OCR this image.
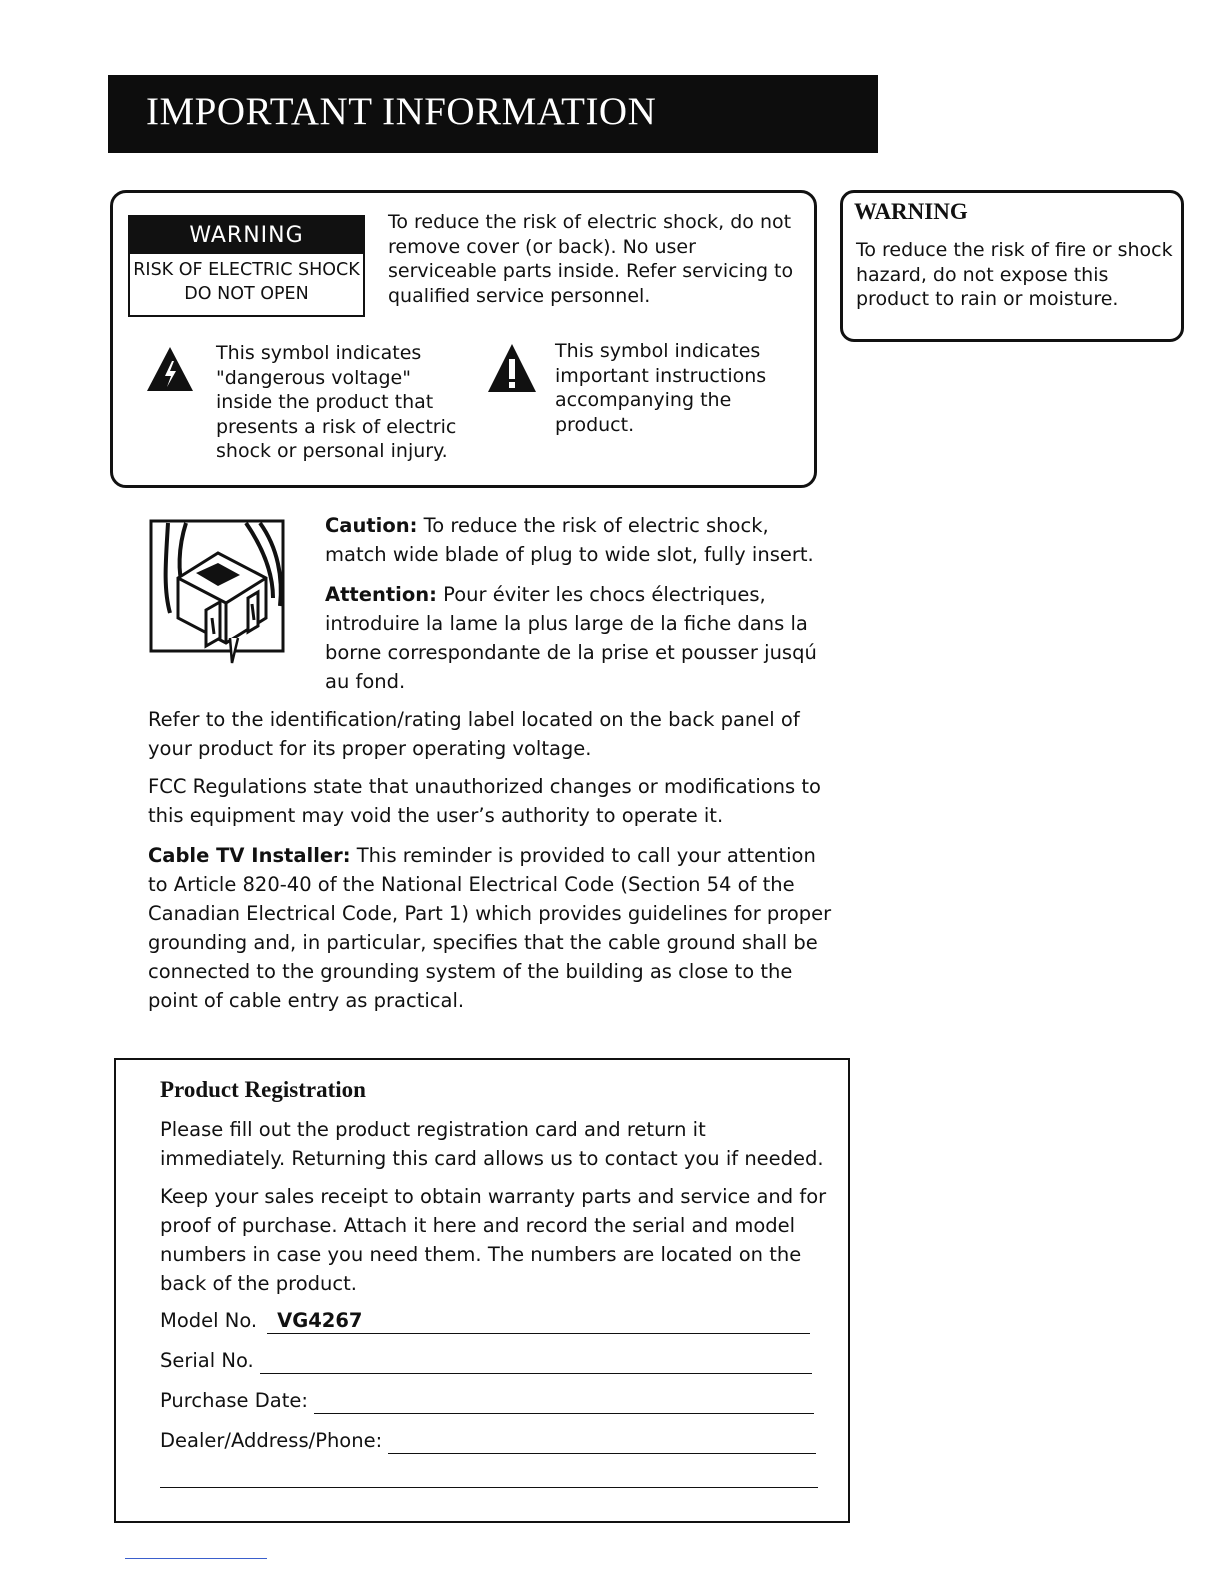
IMPORTANT INFORMATION
WARNING
RISK OF ELECTRIC SHOCK
DO NOT OPEN

To reduce the risk of electric shock, do not remove cover (or back). No user serviceable parts inside. Refer servicing to qualified service personnel.

This symbol indicates "dangerous voltage" inside the product that presents a risk of electric shock or personal injury.

This symbol indicates important instructions accompanying the product.

WARNING

To reduce the risk of fire or shock hazard, do not expose this product to rain or moisture.

Caution: To reduce the risk of electric shock, match wide blade of plug to wide slot, fully insert.

Attention: Pour éviter les chocs électriques, introduire la lame la plus large de la fiche dans la borne correspondante de la prise et pousser jusqú au fond.

Refer to the identification/rating label located on the back panel of your product for its proper operating voltage.

FCC Regulations state that unauthorized changes or modifications to this equipment may void the user’s authority to operate it.

Cable TV Installer: This reminder is provided to call your attention to Article 820-40 of the National Electrical Code (Section 54 of the Canadian Electrical Code, Part 1) which provides guidelines for proper grounding and, in particular, specifies that the cable ground shall be connected to the grounding system of the building as close to the point of cable entry as practical.

Product Registration

Please fill out the product registration card and return it immediately. Returning this card allows us to contact you if needed.

Keep your sales receipt to obtain warranty parts and service and for proof of purchase. Attach it here and record the serial and model numbers in case you need them. The numbers are located on the back of the product.

Model No.	VG4267
Serial No.
Purchase Date:
Dealer/Address/Phone:
